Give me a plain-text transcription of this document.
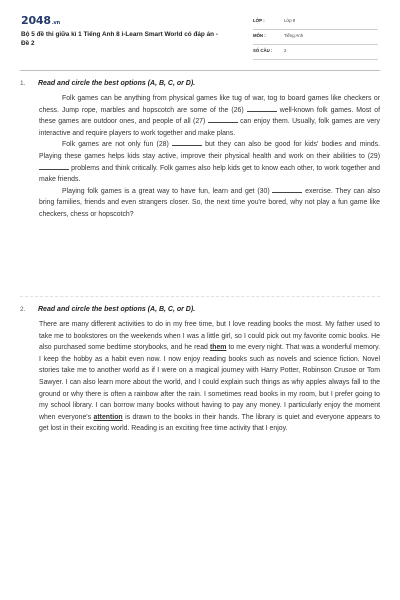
2048.vn
Bộ 5 đề thi giữa kì 1 Tiếng Anh 8 i-Learn Smart World có đáp án - Đề 2
LỚP :	Lớp 8
MÔN :	Tiếng Anh
SỐ CÂU :	2
1. Read and circle the best options (A, B, C, or D).

Folk games can be anything from physical games like tug of war, tog to board games like checkers or chess. Jump rope, marbles and hopscotch are some of the (26)	well-known folk games. Most of these games are outdoor ones, and people of all (27)	can enjoy them. Usually, folk games are very interactive and require players to work together and make plans.

Folk games are not only fun (28)	but they can also be good for kids' bodies and minds. Playing these games helps kids stay active, improve their physical health and work on their abilities to (29)  problems and think critically. Folk games also help kids get to know each other, to work together and make friends.

Playing folk games is a great way to have fun, learn and get (30)	exercise. They can also bring families, friends and even strangers closer. So, the next time you're bored, why not play a fun game like checkers, chess or hopscotch?

2. Read and circle the best options (A, B, C, or D).

There are many different activities to do in my free time, but I love reading books the most. My father used to take me to bookstores on the weekends when I was a little girl, so I could pick out my favorite comic books. He also purchased some bedtime storybooks, and he read them to me every night. That was a wonderful memory. I keep the hobby as a habit even now. I now enjoy reading books such as novels and science fiction. Novel stories take me to another world as if I were on a magical journey with Harry Potter, Robinson Crusoe or Tom Sawyer. I can also learn more about the world, and I could explain such things as why apples always fall to the ground or why there is often a rainbow after the rain. I sometimes read books in my room, but I prefer going to my school library. I can borrow many books without having to pay any money. I particularly enjoy the moment when everyone's attention is drawn to the books in their hands. The library is quiet and everyone appears to get lost in their exciting world. Reading is an exciting free time activity that I enjoy.
